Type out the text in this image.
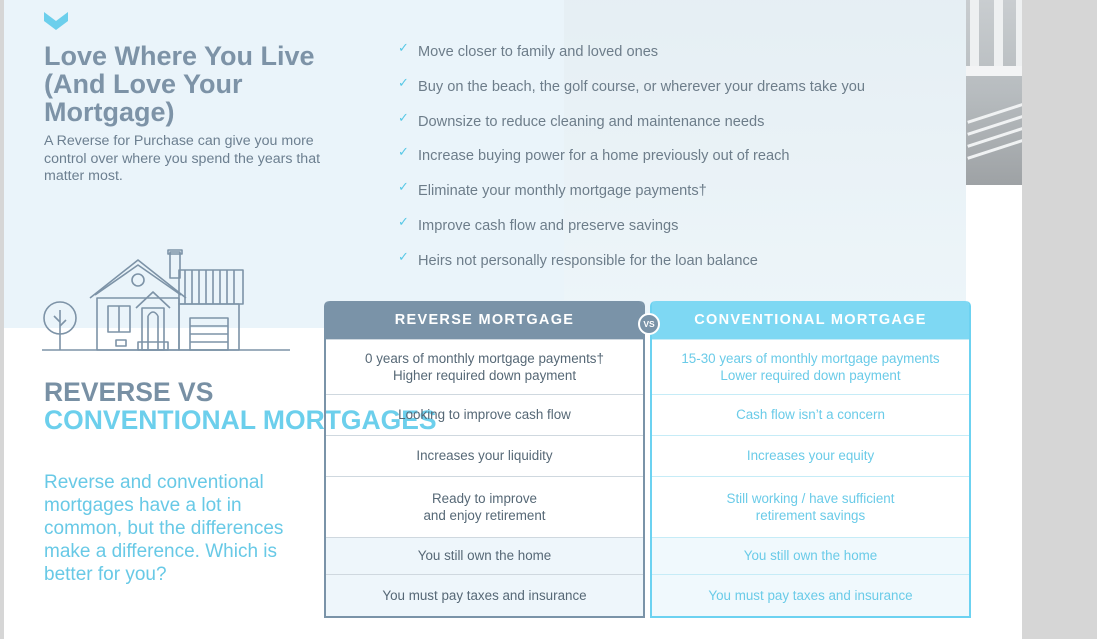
Love Where You Live (And Love Your Mortgage)

A Reverse for Purchase can give you more control over where you spend the years that matter most.

✓ Move closer to family and loved ones
✓ Buy on the beach, the golf course, or wherever your dreams take you
✓ Downsize to reduce cleaning and maintenance needs
✓ Increase buying power for a home previously out of reach
✓ Eliminate your monthly mortgage payments†
✓ Improve cash flow and preserve savings
✓ Heirs not personally responsible for the loan balance
REVERSE VS
CONVENTIONAL MORTGAGES

Reverse and conventional mortgages have a lot in common, but the differences make a difference. Which is better for you?

REVERSE MORTGAGE
0 years of monthly mortgage payments†
Higher required down payment
Looking to improve cash flow
Increases your liquidity
Ready to improve
and enjoy retirement
You still own the home
You must pay taxes and insurance
CONVENTIONAL MORTGAGE
15-30 years of monthly mortgage payments
Lower required down payment
Cash flow isn’t a concern
Increases your equity
Still working / have sufficient
retirement savings
You still own the home
You must pay taxes and insurance
VS
